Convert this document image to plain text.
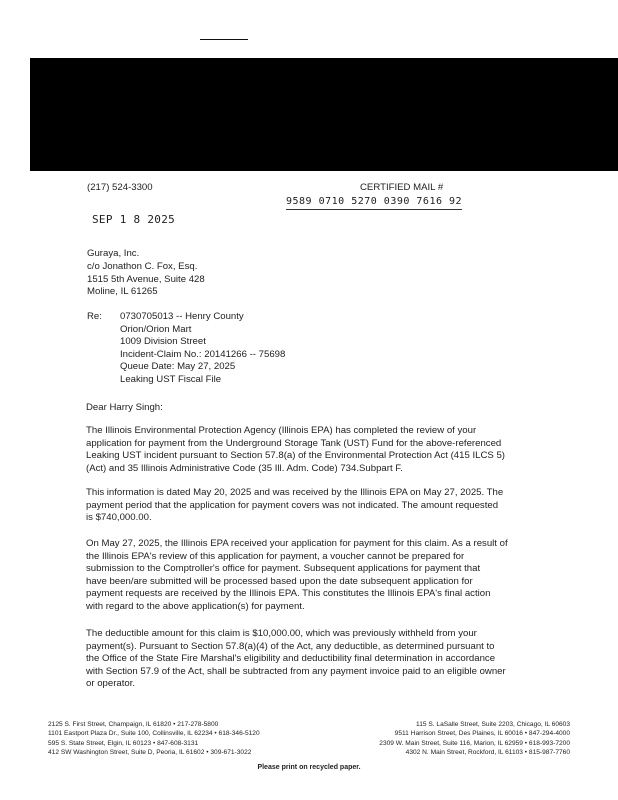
(217) 524-3300	CERTIFIED MAIL #
9589 0710 5270 0390 7616 92
SEP 1 8 2025
Guraya, Inc.
c/o Jonathon C. Fox, Esq.
1515 5th Avenue, Suite 428
Moline, IL 61265
Re: 0730705013 -- Henry County
Orion/Orion Mart
1009 Division Street
Incident-Claim No.: 20141266 -- 75698
Queue Date: May 27, 2025
Leaking UST Fiscal File
Dear Harry Singh:
The Illinois Environmental Protection Agency (Illinois EPA) has completed the review of your
application for payment from the Underground Storage Tank (UST) Fund for the above-referenced
Leaking UST incident pursuant to Section 57.8(a) of the Environmental Protection Act (415 ILCS 5)
(Act) and 35 Illinois Administrative Code (35 Ill. Adm. Code) 734.Subpart F.
This information is dated May 20, 2025 and was received by the Illinois EPA on May 27, 2025. The
payment period that the application for payment covers was not indicated. The amount requested
is $740,000.00.
On May 27, 2025, the Illinois EPA received your application for payment for this claim. As a result of
the Illinois EPA's review of this application for payment, a voucher cannot be prepared for
submission to the Comptroller's office for payment. Subsequent applications for payment that
have been/are submitted will be processed based upon the date subsequent application for
payment requests are received by the Illinois EPA. This constitutes the Illinois EPA's final action
with regard to the above application(s) for payment.
The deductible amount for this claim is $10,000.00, which was previously withheld from your
payment(s). Pursuant to Section 57.8(a)(4) of the Act, any deductible, as determined pursuant to
the Office of the State Fire Marshal's eligibility and deductibility final determination in accordance
with Section 57.9 of the Act, shall be subtracted from any payment invoice paid to an eligible owner
or operator.
2125 S. First Street, Champaign, IL 61820 • 217-278-5800
1101 Eastport Plaza Dr., Suite 100, Collinsville, IL 62234 • 618-346-5120
595 S. State Street, Elgin, IL 60123 • 847-608-3131
412 SW Washington Street, Suite D, Peoria, IL 61602 • 309-671-3022
115 S. LaSalle Street, Suite 2203, Chicago, IL 60603
9511 Harrison Street, Des Plaines, IL 60016 • 847-294-4000
2309 W. Main Street, Suite 116, Marion, IL 62959 • 618-993-7200
4302 N. Main Street, Rockford, IL 61103 • 815-987-7760
Please print on recycled paper.
